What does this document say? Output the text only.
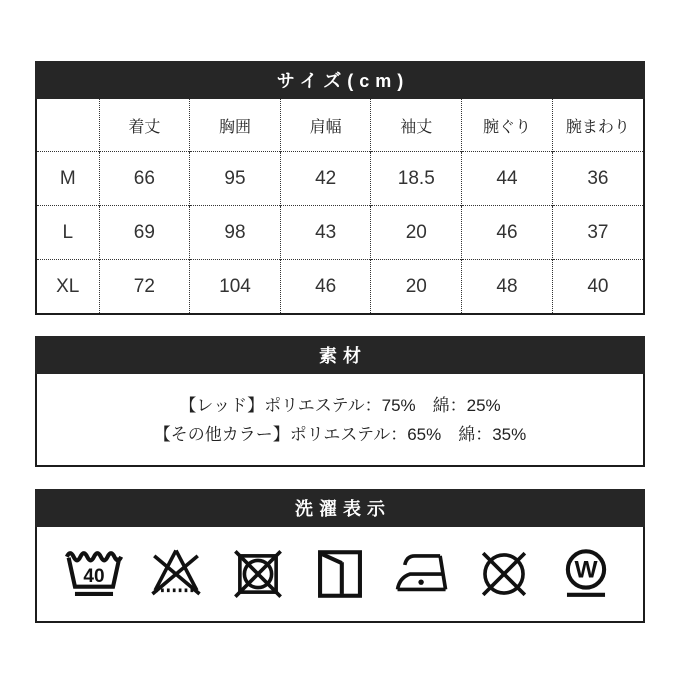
サイズ(cm)
	着丈	胸囲	肩幅	袖丈	腕ぐり	腕まわり
M	66	95	42	18.5	44	36
L	69	98	43	20	46	37
XL	72	104	46	20	48	40
素材
【レッド】ポリエステル：75%　綿：25%
【その他カラー】ポリエステル：65%　綿：35%
洗濯表示
40	W
